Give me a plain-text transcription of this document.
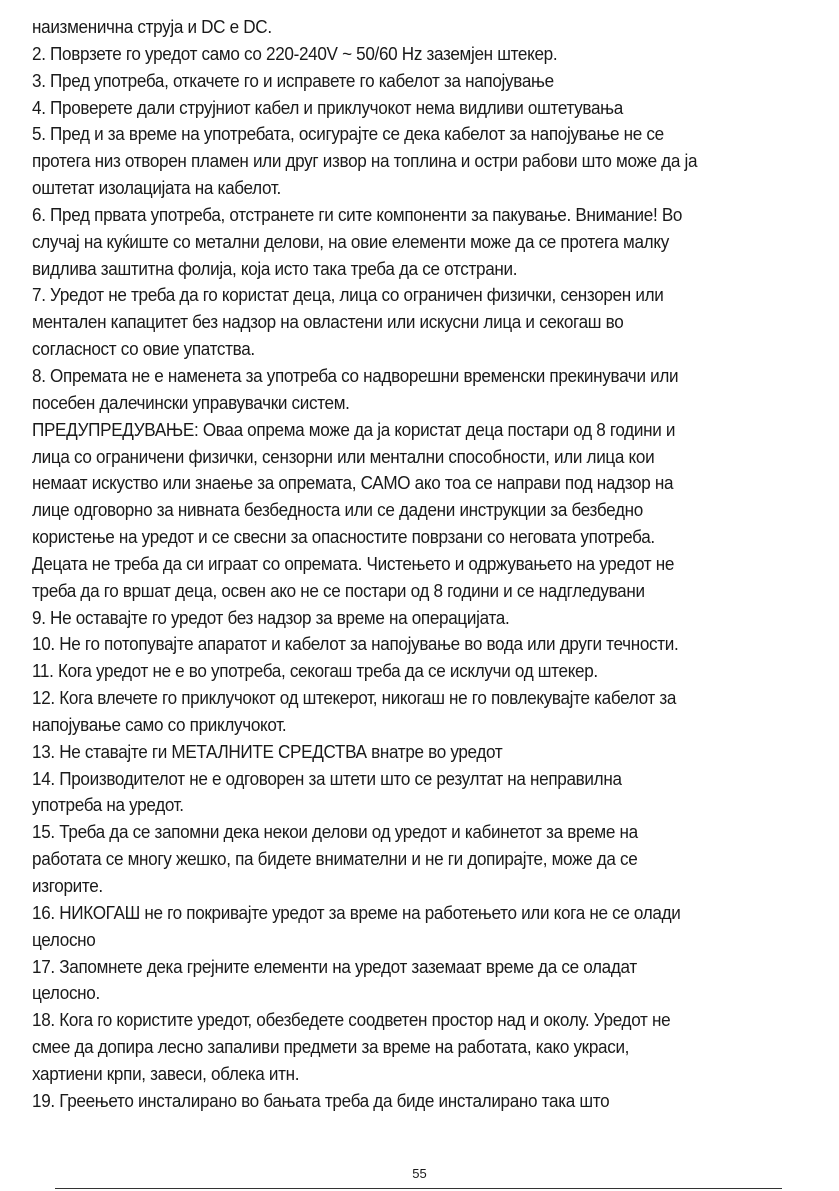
наизменична струја и DC е DC.
2. Поврзете го уредот само со 220-240V ~ 50/60 Hz заземјен штекер.
3. Пред употреба, откачете го и исправете го кабелот за напојување
4. Проверете дали струјниот кабел и приклучокот нема видливи оштетувања
5. Пред и за време на употребата, осигурајте се дека кабелот за напојување не се
протега низ отворен пламен или друг извор на топлина и остри рабови што може да ја
оштетат изолацијата на кабелот.
6. Пред првата употреба, отстранете ги сите компоненти за пакување. Внимание! Во
случај на куќиште со метални делови, на овие елементи може да се протега малку
видлива заштитна фолија, која исто така треба да се отстрани.
7. Уредот не треба да го користат деца, лица со ограничен физички, сензорен или
ментален капацитет без надзор на овластени или искусни лица и секогаш во
согласност со овие упатства.
8. Опремата не е наменета за употреба со надворешни временски прекинувачи или
посебен далечински управувачки систем.
ПРЕДУПРЕДУВАЊЕ: Оваа опрема може да ја користат деца постари од 8 години и
лица со ограничени физички, сензорни или ментални способности, или лица кои
немаат искуство или знаење за опремата, САМО ако тоа се направи под надзор на
лице одговорно за нивната безбедноста или се дадени инструкции за безбедно
користење на уредот и се свесни за опасностите поврзани со неговата употреба.
Децата не треба да си играат со опремата. Чистењето и одржувањето на уредот не
треба да го вршат деца, освен ако не се постари од 8 години и се надгледувани
9. Не оставајте го уредот без надзор за време на операцијата.
10. Не го потопувајте апаратот и кабелот за напојување во вода или други течности.
11. Кога уредот не е во употреба, секогаш треба да се исклучи од штекер.
12. Кога влечете го приклучокот од штекерот, никогаш не го повлекувајте кабелот за
напојување само со приклучокот.
13. Не ставајте ги МЕТАЛНИТЕ СРЕДСТВА внатре во уредот
14. Производителот не е одговорен за штети што се резултат на неправилна
употреба на уредот.
15. Треба да се запомни дека некои делови од уредот и кабинетот за време на
работата се многу жешко, па бидете внимателни и не ги допирајте, може да се
изгорите.
16. НИКОГАШ не го покривајте уредот за време на работењето или кога не се олади
целосно
17. Запомнете дека грејните елементи на уредот заземаат време да се оладат
целосно.
18. Кога го користите уредот, обезбедете соодветен простор над и околу. Уредот не
смее да допира лесно запаливи предмети за време на работата, како украси,
хартиени крпи, завеси, облека итн.
19. Греењето инсталирано во бањата треба да биде инсталирано така што
55
